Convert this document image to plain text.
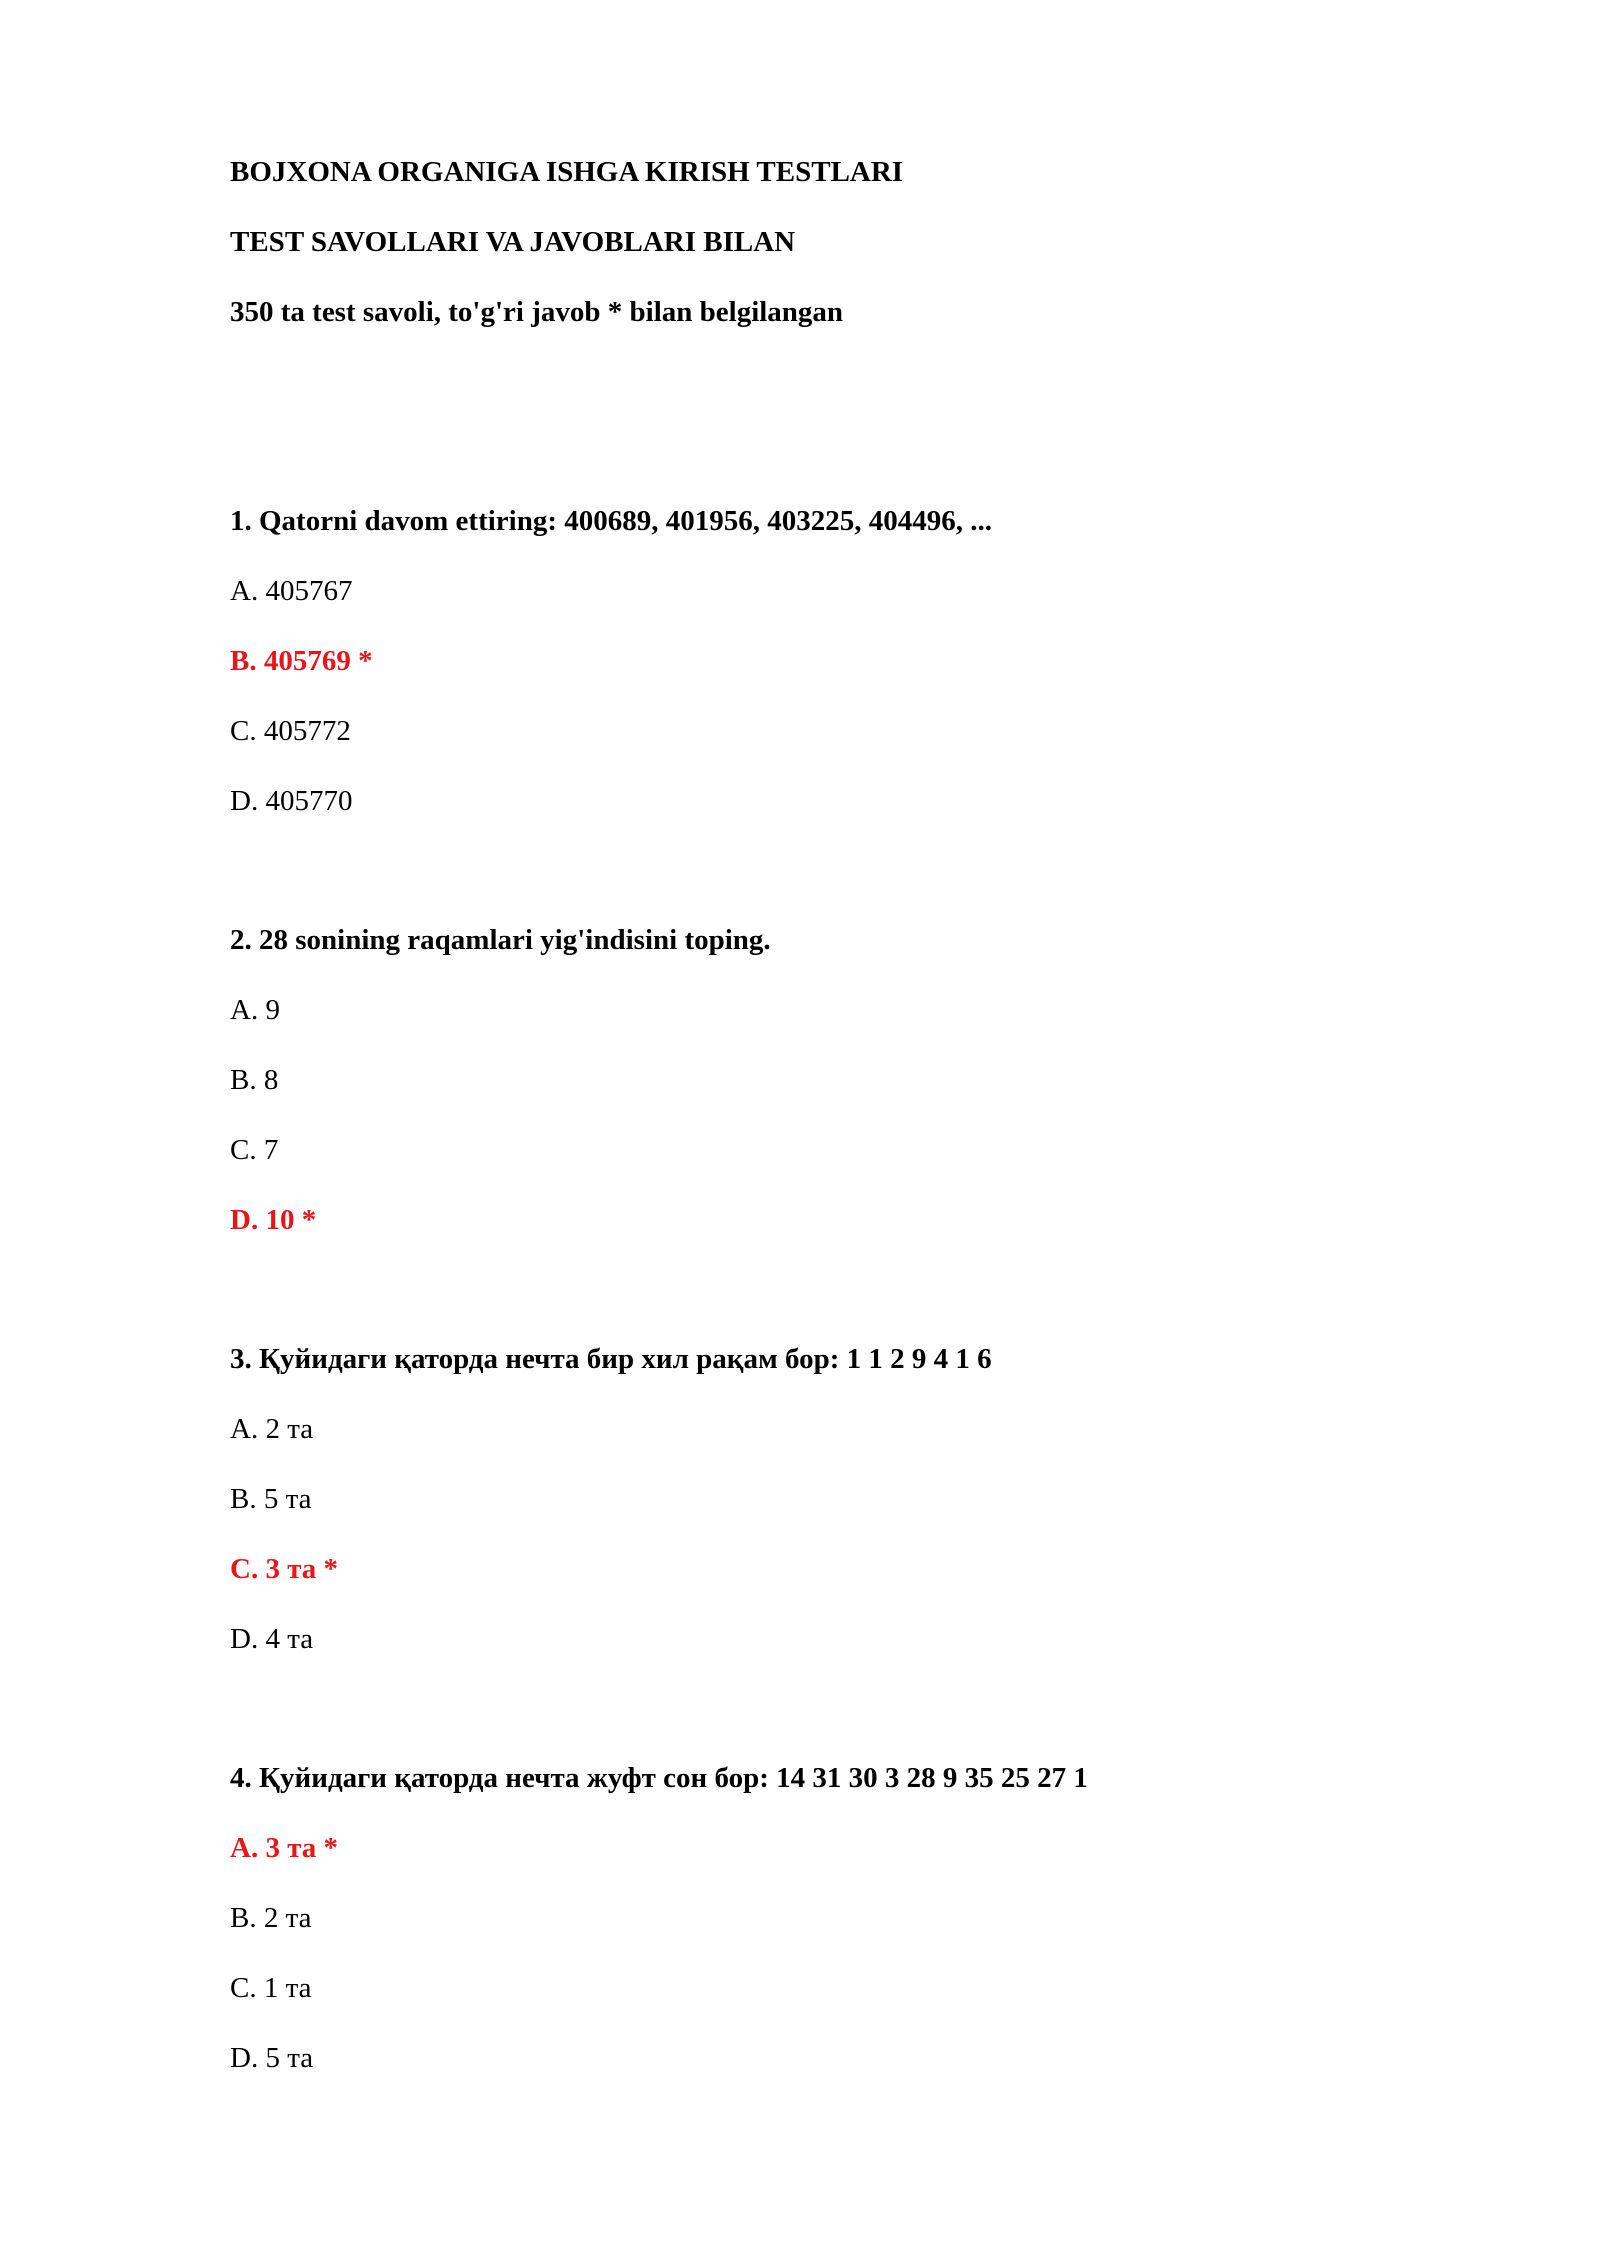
BOJXONA ORGANIGA ISHGA KIRISH TESTLARI
TEST SAVOLLARI VA JAVOBLARI BILAN
350 ta test savoli, to'g'ri javob * bilan belgilangan
1. Qatorni davom ettiring: 400689, 401956, 403225, 404496, ...
A. 405767
B. 405769 *
C. 405772
D. 405770
2. 28 sonining raqamlari yig'indisini toping.
A. 9
B. 8
C. 7
D. 10 *
3. Қуйидаги қаторда нечта бир хил рақам бор: 1 1 2 9 4 1 6
A. 2 та
B. 5 та
C. 3 та *
D. 4 та
4. Қуйидаги қаторда нечта жуфт сон бор: 14 31 30 3 28 9 35 25 27 1
A. 3 та *
B. 2 та
C. 1 та
D. 5 та
